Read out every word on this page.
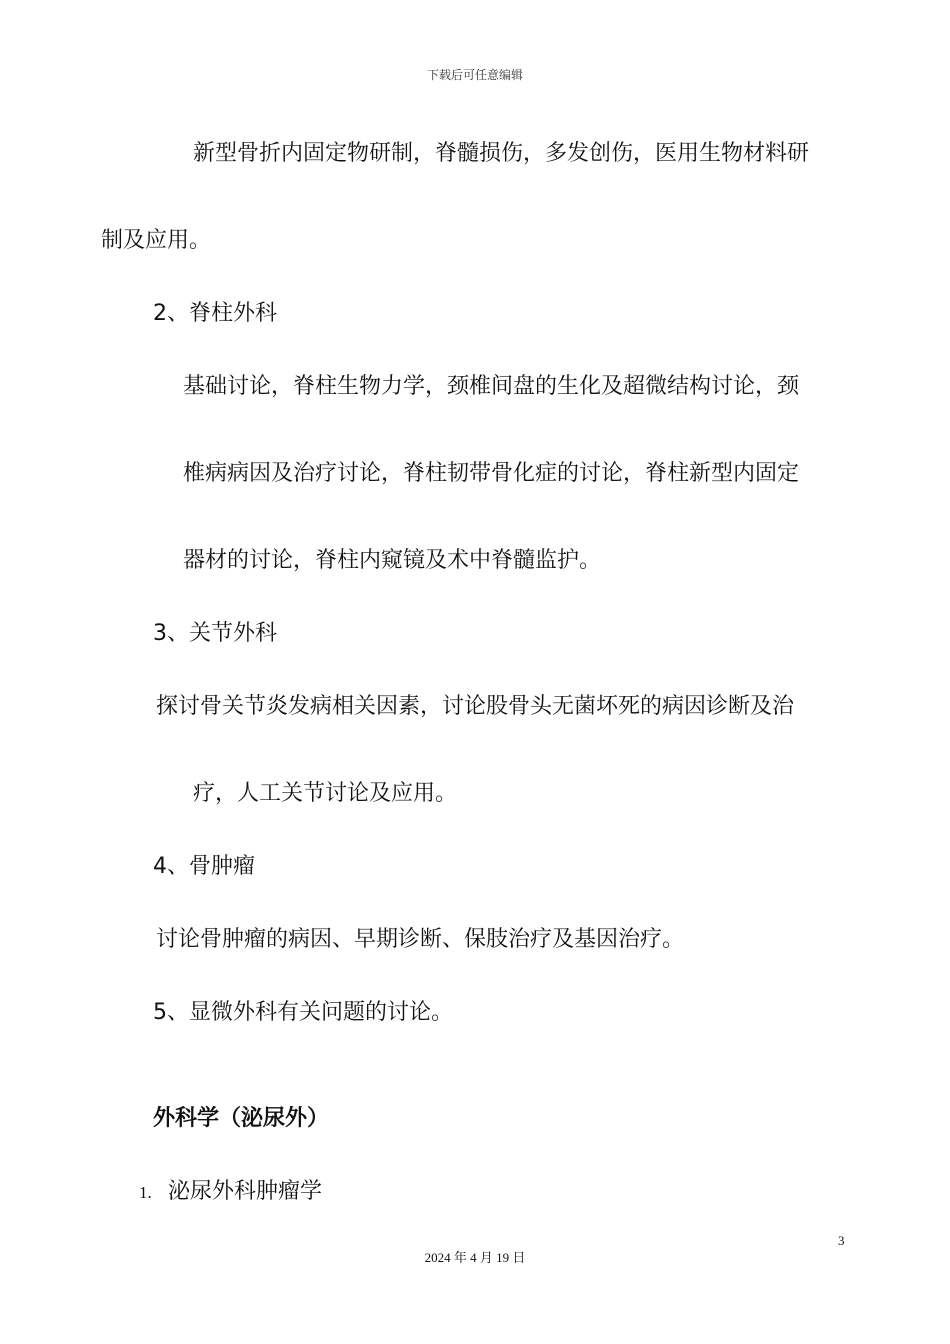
下载后可任意编辑
新型骨折内固定物研制，脊髓损伤，多发创伤，医用生物材料研
制及应用。
2、脊柱外科
基础讨论，脊柱生物力学，颈椎间盘的生化及超微结构讨论，颈
椎病病因及治疗讨论，脊柱韧带骨化症的讨论，脊柱新型内固定
器材的讨论，脊柱内窥镜及术中脊髓监护。
3、关节外科
探讨骨关节炎发病相关因素，讨论股骨头无菌坏死的病因诊断及治
疗，人工关节讨论及应用。
4、骨肿瘤
讨论骨肿瘤的病因、早期诊断、保肢治疗及基因治疗。
5、显微外科有关问题的讨论。
外科学（泌尿外）
1. 泌尿外科肿瘤学
3
2024 年 4 月 19 日
